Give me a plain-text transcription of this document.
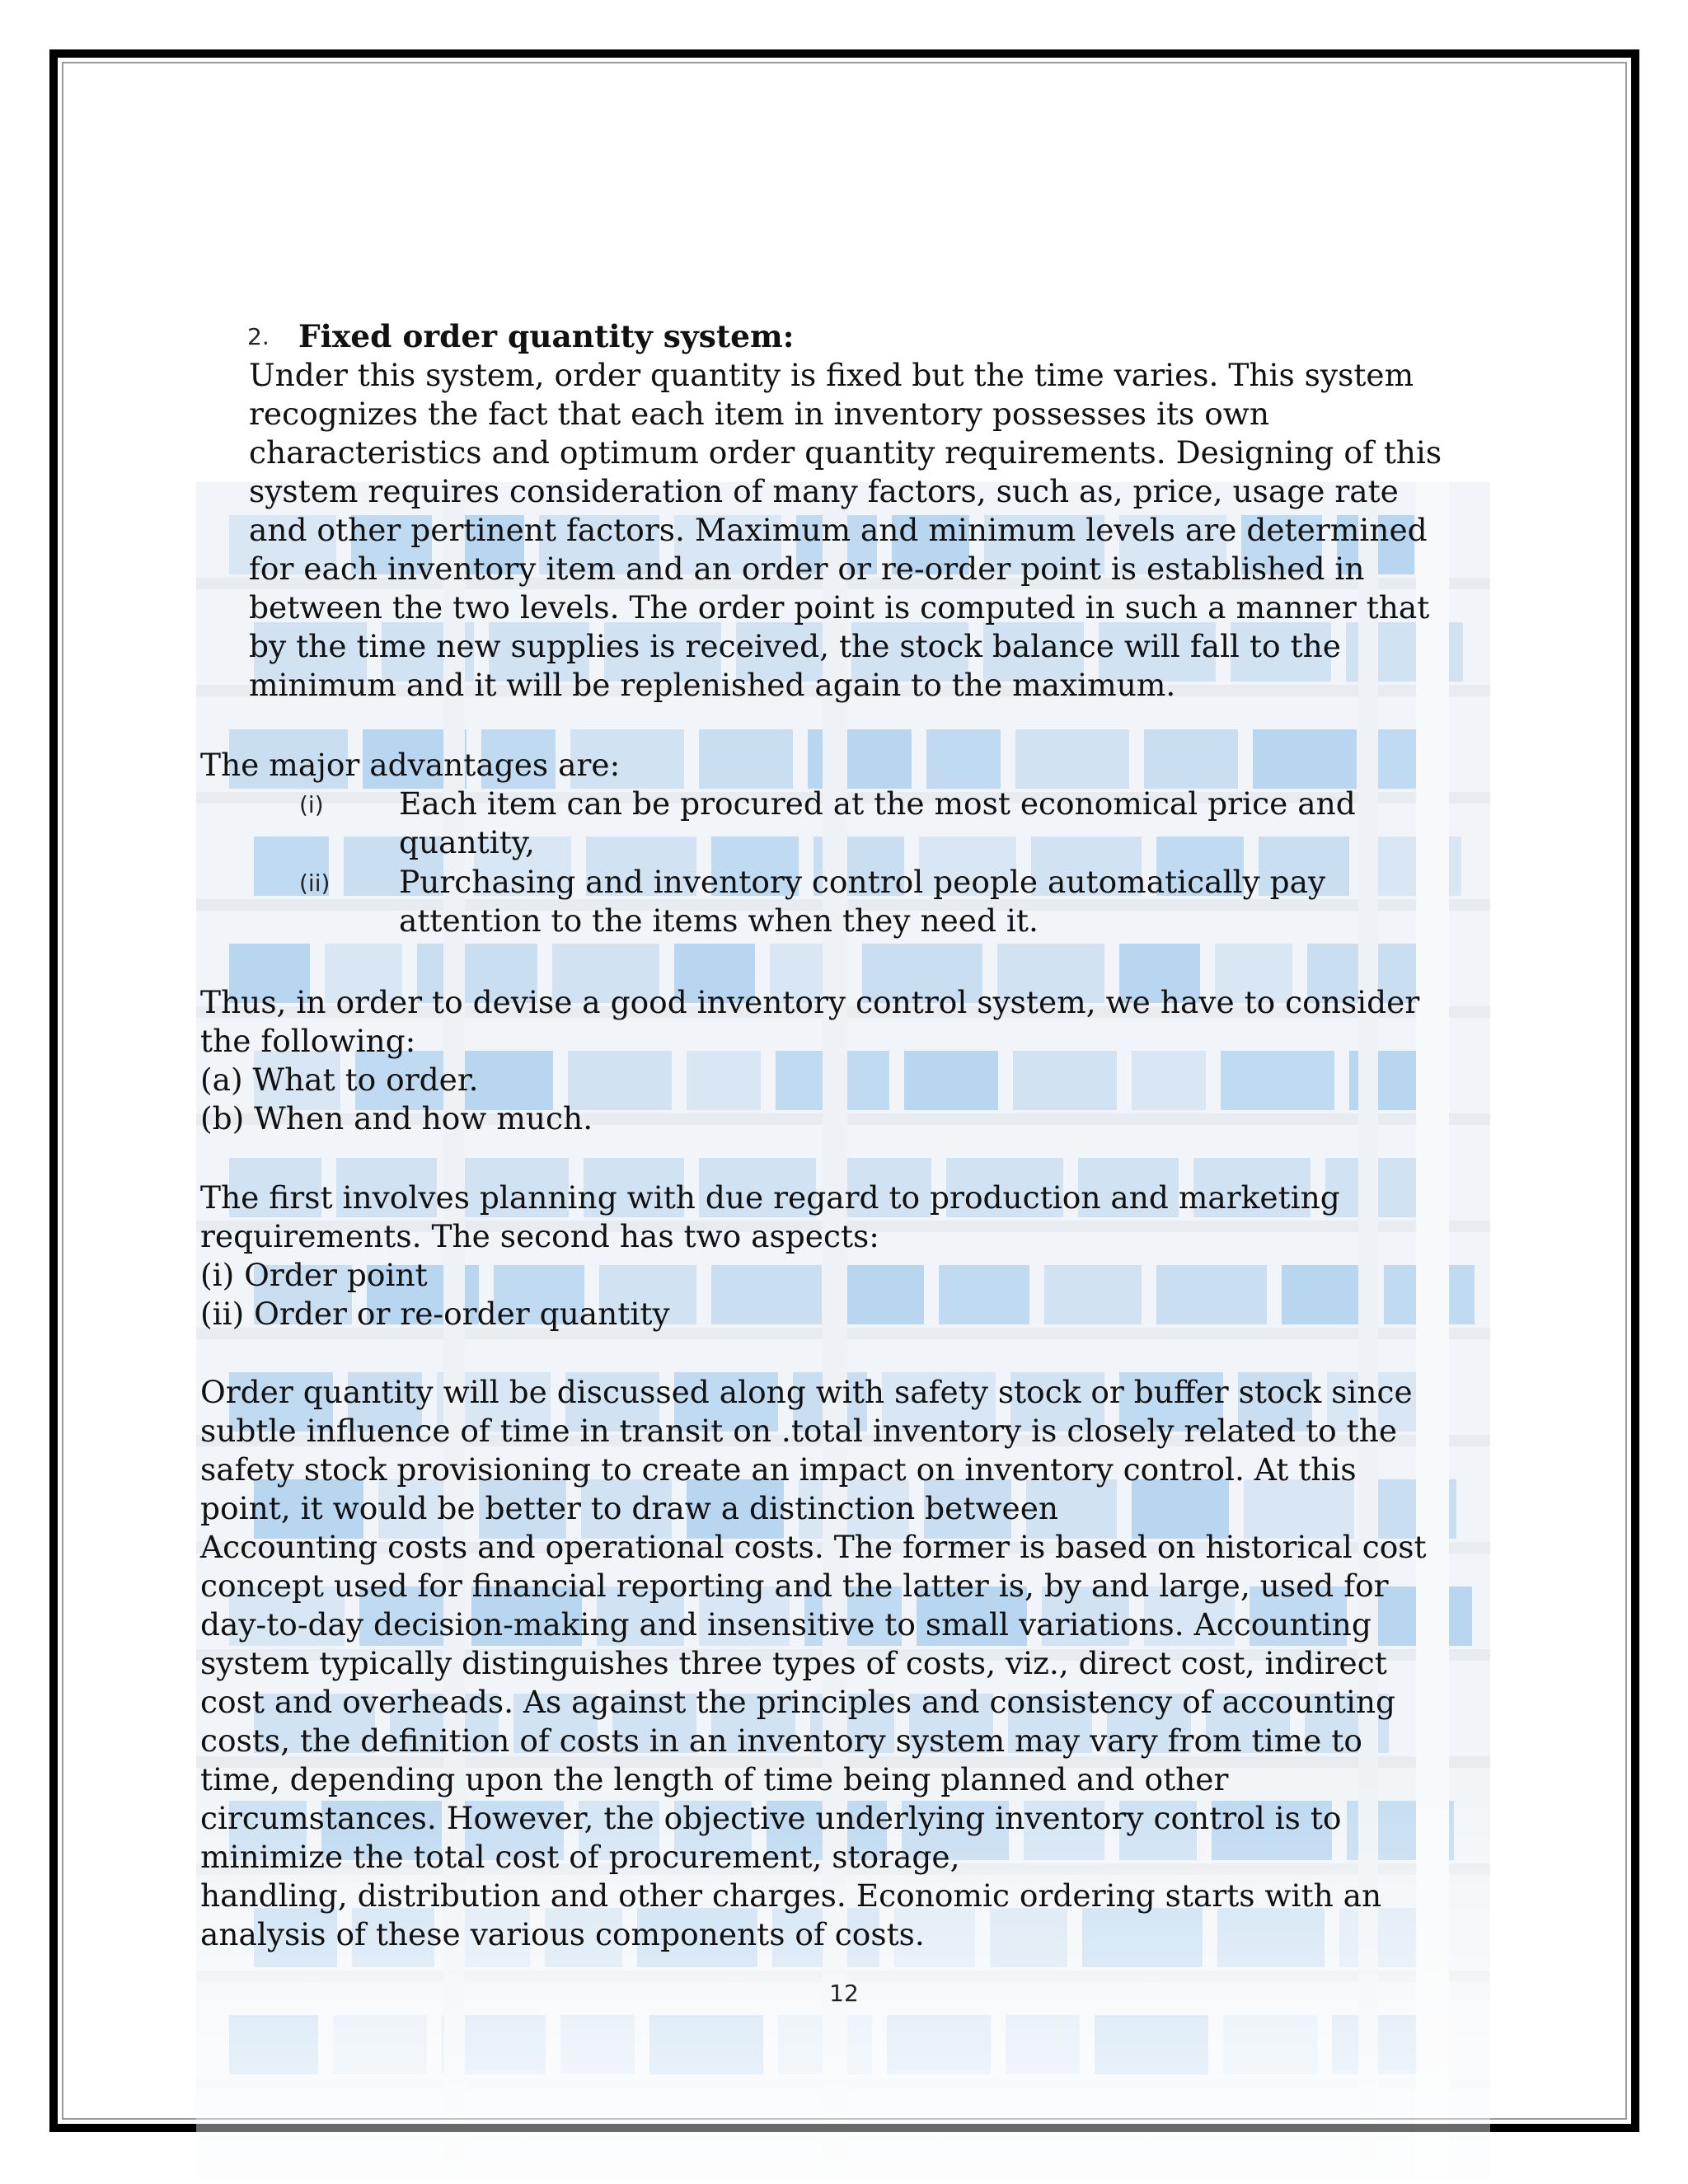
2. Fixed order quantity system:
Under this system, order quantity is fixed but the time varies. This system
recognizes the fact that each item in inventory possesses its own
characteristics and optimum order quantity requirements. Designing of this
system requires consideration of many factors, such as, price, usage rate
and other pertinent factors. Maximum and minimum levels are determined
for each inventory item and an order or re-order point is established in
between the two levels. The order point is computed in such a manner that
by the time new supplies is received, the stock balance will fall to the
minimum and it will be replenished again to the maximum.
The major advantages are:
(i) Each item can be procured at the most economical price and
quantity,
(ii) Purchasing and inventory control people automatically pay
attention to the items when they need it.
Thus, in order to devise a good inventory control system, we have to consider
the following:
(a) What to order.
(b) When and how much.
The first involves planning with due regard to production and marketing
requirements. The second has two aspects:
(i) Order point
(ii) Order or re-order quantity
Order quantity will be discussed along with safety stock or buffer stock since
subtle influence of time in transit on .total inventory is closely related to the
safety stock provisioning to create an impact on inventory control. At this
point, it would be better to draw a distinction between
Accounting costs and operational costs. The former is based on historical cost
concept used for financial reporting and the latter is, by and large, used for
day-to-day decision-making and insensitive to small variations. Accounting
system typically distinguishes three types of costs, viz., direct cost, indirect
cost and overheads. As against the principles and consistency of accounting
costs, the definition of costs in an inventory system may vary from time to
time, depending upon the length of time being planned and other
circumstances. However, the objective underlying inventory control is to
minimize the total cost of procurement, storage,
handling, distribution and other charges. Economic ordering starts with an
analysis of these various components of costs.
12
